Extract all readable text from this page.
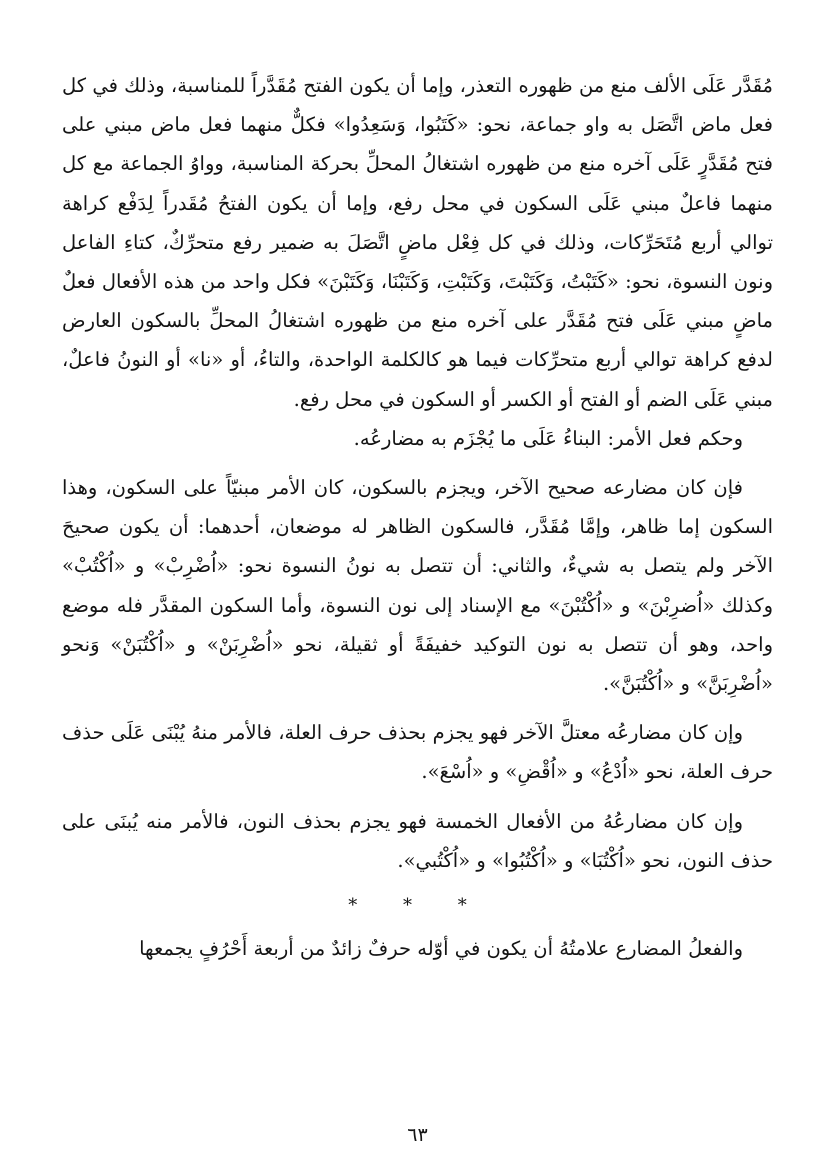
مُقَدَّر عَلَى الألف منع من ظهوره التعذر، وإما أن يكون الفتح مُقَدَّراً للمناسبة، وذلك في كل فعل ماض اتَّصَل به واو جماعة، نحو: «كَتَبُوا، وَسَعِدُوا» فكلٌّ منهما فعل ماض مبني على فتح مُقَدَّرٍ عَلَى آخره منع من ظهوره اشتغالُ المحلِّ بحركة المناسبة، وواوُ الجماعة مع كل منهما فاعلٌ مبني عَلَى السكون في محل رفع، وإما أن يكون الفتحُ مُقَدراً لِدَفْع كراهة توالي أربع مُتَحَرِّكات، وذلك في كل فِعْل ماضٍ اتَّصَلَ به ضمير رفع متحرِّكٌ، كتاءِ الفاعل ونون النسوة، نحو: «كَتَبْتُ، وَكَتَبْتَ، وَكَتَبْتِ، وَكَتَبْنَا، وَكَتَبْنَ» فكل واحد من هذه الأفعال فعلٌ ماضٍ مبني عَلَى فتح مُقَدَّر على آخره منع من ظهوره اشتغالُ المحلِّ بالسكون العارض لدفع كراهة توالي أربع متحرِّكات فيما هو كالكلمة الواحدة، والتاءُ، أو «نا» أو النونُ فاعلٌ، مبني عَلَى الضم أو الفتح أو الكسر أو السكون في محل رفع.

وحكم فعل الأمر: البناءُ عَلَى ما يُجْزَم به مضارعُه.

فإن كان مضارعه صحيح الآخر، ويجزم بالسكون، كان الأمر مبنيّاً على السكون، وهذا السكون إما ظاهر، وإمَّا مُقَدَّر، فالسكون الظاهر له موضعان، أحدهما: أن يكون صحيحَ الآخر ولم يتصل به شيءٌ، والثاني: أن تتصل به نونُ النسوة نحو: «اُضْرِبْ» و «اُكْتُبْ» وكذلك «اُضرِبْنَ» و «اُكْتُبْنَ» مع الإسناد إلى نون النسوة، وأما السكون المقدَّر فله موضع واحد، وهو أن تتصل به نون التوكيد خفيفَةً أو ثقيلة، نحو «اُضْرِبَنْ» و «اُكْتُبَنْ» وَنحو «اُضْرِبَنَّ» و «اُكْتُبَنَّ».

وإن كان مضارعُه معتلَّ الآخر فهو يجزم بحذف حرف العلة، فالأمر منهُ يُبْنَى عَلَى حذف حرف العلة، نحو «اُدْعُ» و «اُقْضِ» و «اُسْعَ».

وإن كان مضارعُهُ من الأفعال الخمسة فهو يجزم بحذف النون، فالأمر منه يُبنَى على حذف النون، نحو «اُكْتُبَا» و «اُكْتُبُوا» و «اُكْتُبي».

* * *

والفعلُ المضارع علامتُهُ أن يكون في أوّله حرفٌ زائدٌ من أربعة أَحْرُفٍ يجمعها

٦٣
